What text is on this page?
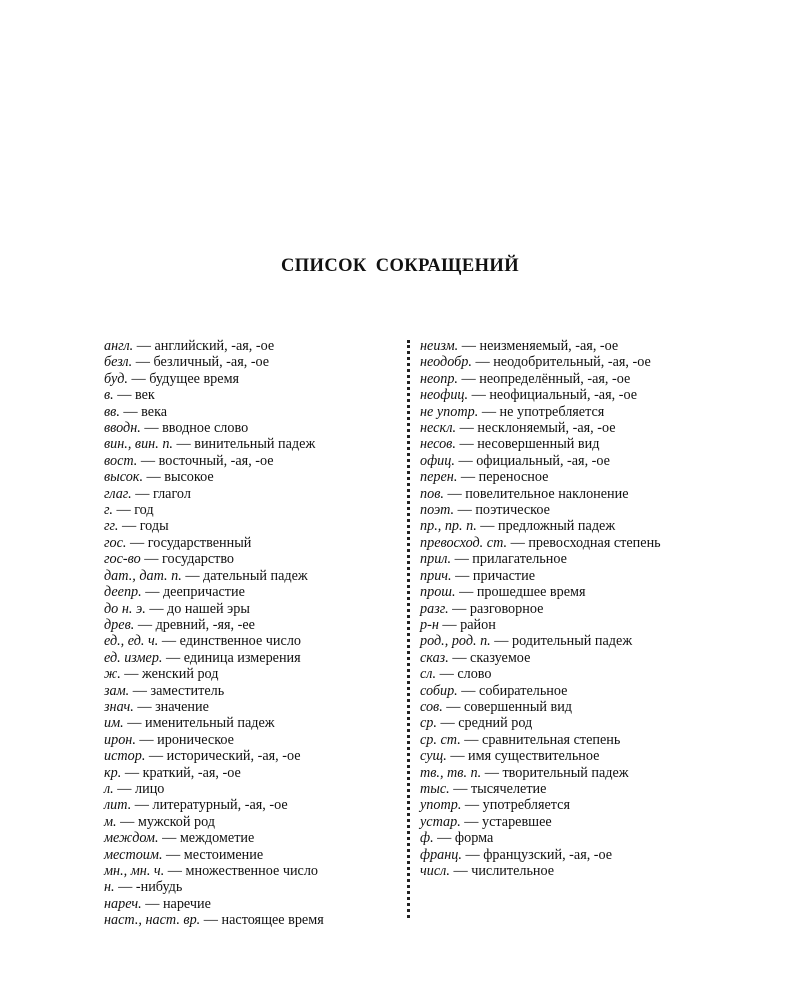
СПИСОК СОКРАЩЕНИЙ

англ. — английский, -ая, -ое

безл. — безличный, -ая, -ое

буд. — будущее время

в. — век

вв. — века

вводн. — вводное слово

вин., вин. п. — винительный падеж

вост. — восточный, -ая, -ое

высок. — высокое

глаг. — глагол

г. — год

гг. — годы

гос. — государственный

гос-во — государство

дат., дат. п. — дательный падеж

деепр. — деепричастие

до н. э. — до нашей эры

древ. — древний, -яя, -ее

ед., ед. ч. — единственное число

ед. измер. — единица измерения

ж. — женский род

зам. — заместитель

знач. — значение

им. — именительный падеж

ирон. — ироническое

истор. — исторический, -ая, -ое

кр. — краткий, -ая, -ое

л. — лицо

лит. — литературный, -ая, -ое

м. — мужской род

междом. — междометие

местоим. — местоимение

мн., мн. ч. — множественное число

н. — -нибудь

нареч. — наречие

наст., наст. вр. — настоящее время

неизм. — неизменяемый, -ая, -ое

неодобр. — неодобрительный, -ая, -ое

неопр. — неопределённый, -ая, -ое

неофиц. — неофициальный, -ая, -ое

не употр. — не употребляется

нескл. — несклоняемый, -ая, -ое

несов. — несовершенный вид

офиц. — официальный, -ая, -ое

перен. — переносное

пов. — повелительное наклонение

поэт. — поэтическое

пр., пр. п. — предложный падеж

превосход. ст. — превосходная степень

прил. — прилагательное

прич. — причастие

прош. — прошедшее время

разг. — разговорное

р-н — район

род., род. п. — родительный падеж

сказ. — сказуемое

сл. — слово

собир. — собирательное

сов. — совершенный вид

ср. — средний род

ср. ст. — сравнительная степень

сущ. — имя существительное

тв., тв. п. — творительный падеж

тыс. — тысячелетие

употр. — употребляется

устар. — устаревшее

ф. — форма

франц. — французский, -ая, -ое

числ. — числительное
